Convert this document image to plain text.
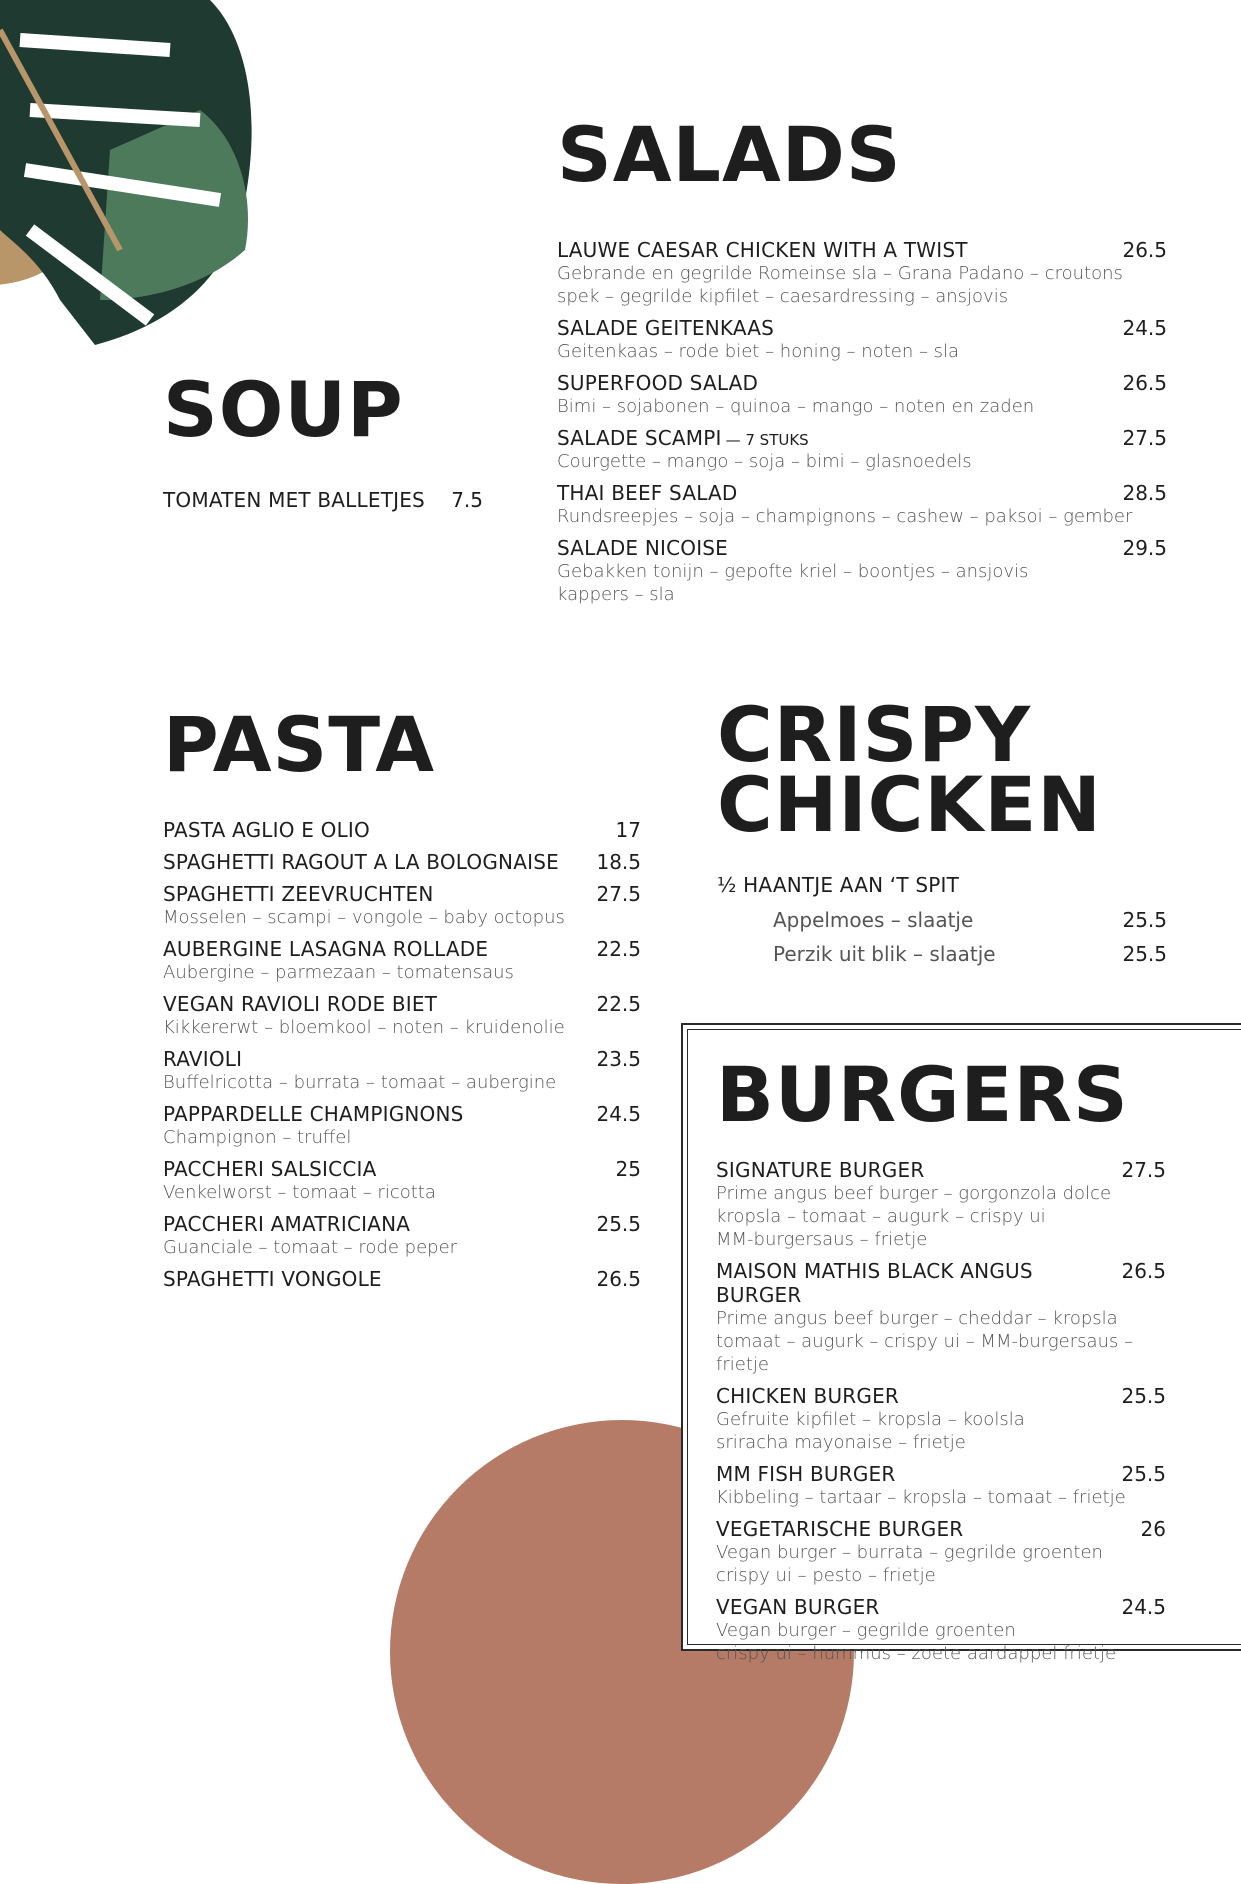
SALADS
LAUWE CAESAR CHICKEN WITH A TWIST	26.5
Gebrande en gegrilde Romeinse sla – Grana Padano – croutons
spek – gegrilde kipfilet – caesardressing – ansjovis
SALADE GEITENKAAS	24.5
Geitenkaas – rode biet – honing – noten – sla
SUPERFOOD SALAD	26.5
Bimi – sojabonen – quinoa – mango – noten en zaden
SALADE SCAMPI — 7 STUKS	27.5
Courgette – mango – soja – bimi – glasnoedels
THAI BEEF SALAD	28.5
Rundsreepjes – soja – champignons – cashew – paksoi – gember
SALADE NICOISE	29.5
Gebakken tonijn – gepofte kriel – boontjes – ansjovis
kappers – sla
SOUP
TOMATEN MET BALLETJES 7.5
PASTA
PASTA AGLIO E OLIO	17
SPAGHETTI RAGOUT A LA BOLOGNAISE 18.5
SPAGHETTI ZEEVRUCHTEN	27.5
Mosselen – scampi – vongole – baby octopus
AUBERGINE LASAGNA ROLLADE	22.5
Aubergine – parmezaan – tomatensaus
VEGAN RAVIOLI RODE BIET	22.5
Kikkererwt – bloemkool – noten – kruidenolie
RAVIOLI	23.5
Buffelricotta – burrata – tomaat – aubergine
PAPPARDELLE CHAMPIGNONS	24.5
Champignon – truffel
PACCHERI SALSICCIA	25
Venkelworst – tomaat – ricotta
PACCHERI AMATRICIANA	25.5
Guanciale – tomaat – rode peper
SPAGHETTI VONGOLE	26.5
CRISPY
CHICKEN
½ HAANTJE AAN ‘T SPIT
Appelmoes – slaatje	25.5
Perzik uit blik – slaatje	25.5
BURGERS
SIGNATURE BURGER	27.5
Prime angus beef burger – gorgonzola dolce
kropsla – tomaat – augurk – crispy ui
MM-burgersaus – frietje
MAISON MATHIS BLACK ANGUS BURGER
26.5
Prime angus beef burger – cheddar – kropsla
tomaat – augurk – crispy ui – MM-burgersaus – frietje
CHICKEN BURGER	25.5
Gefruite kipfilet – kropsla – koolsla
sriracha mayonaise – frietje
MM FISH BURGER	25.5
Kibbeling – tartaar – kropsla – tomaat – frietje
VEGETARISCHE BURGER	26
Vegan burger – burrata – gegrilde groenten
crispy ui – pesto – frietje
VEGAN BURGER	24.5
Vegan burger – gegrilde groenten
crispy ui – hummus – zoete aardappel frietje
